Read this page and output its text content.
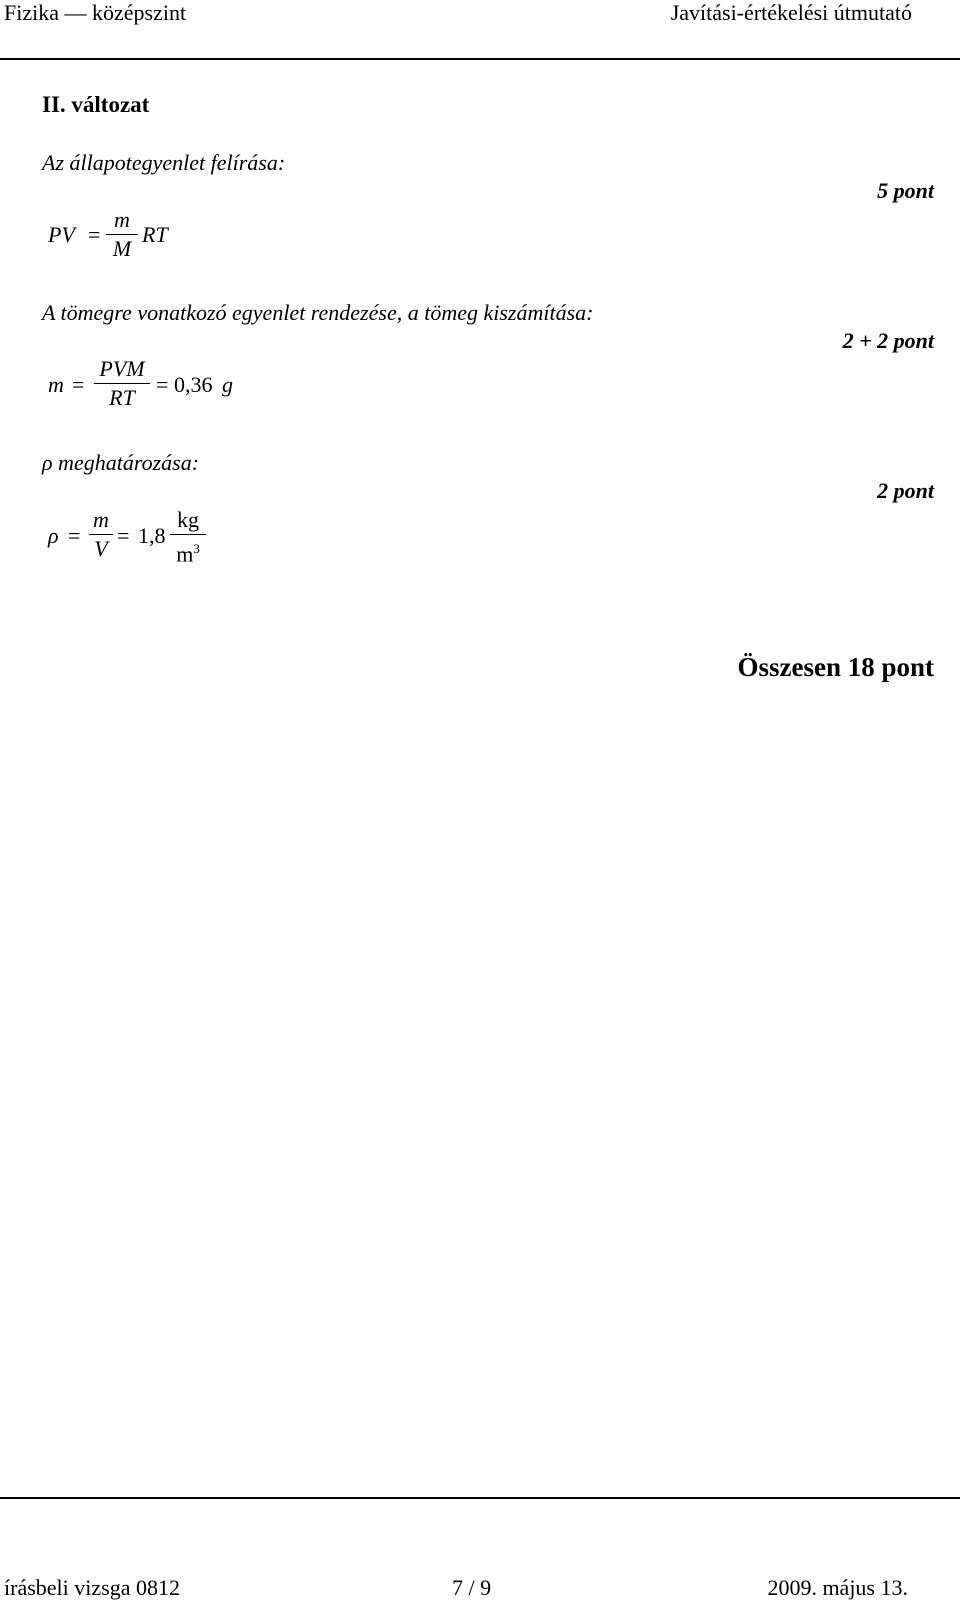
Fizika — középszint	Javítási-értékelési útmutató
II. változat
Az állapotegyenlet felírása:
5 pont
PV =
m
M
RT
A tömegre vonatkozó egyenlet rendezése, a tömeg kiszámítása:
2 + 2 pont
m =
PVM
RT
= 0,36 g
ρ meghatározása:
2 pont
ρ =
m
V
= 1,8
kg
$m^3$
Összesen 18 pont
írásbeli vizsga 0812	7 / 9	2009. május 13.
